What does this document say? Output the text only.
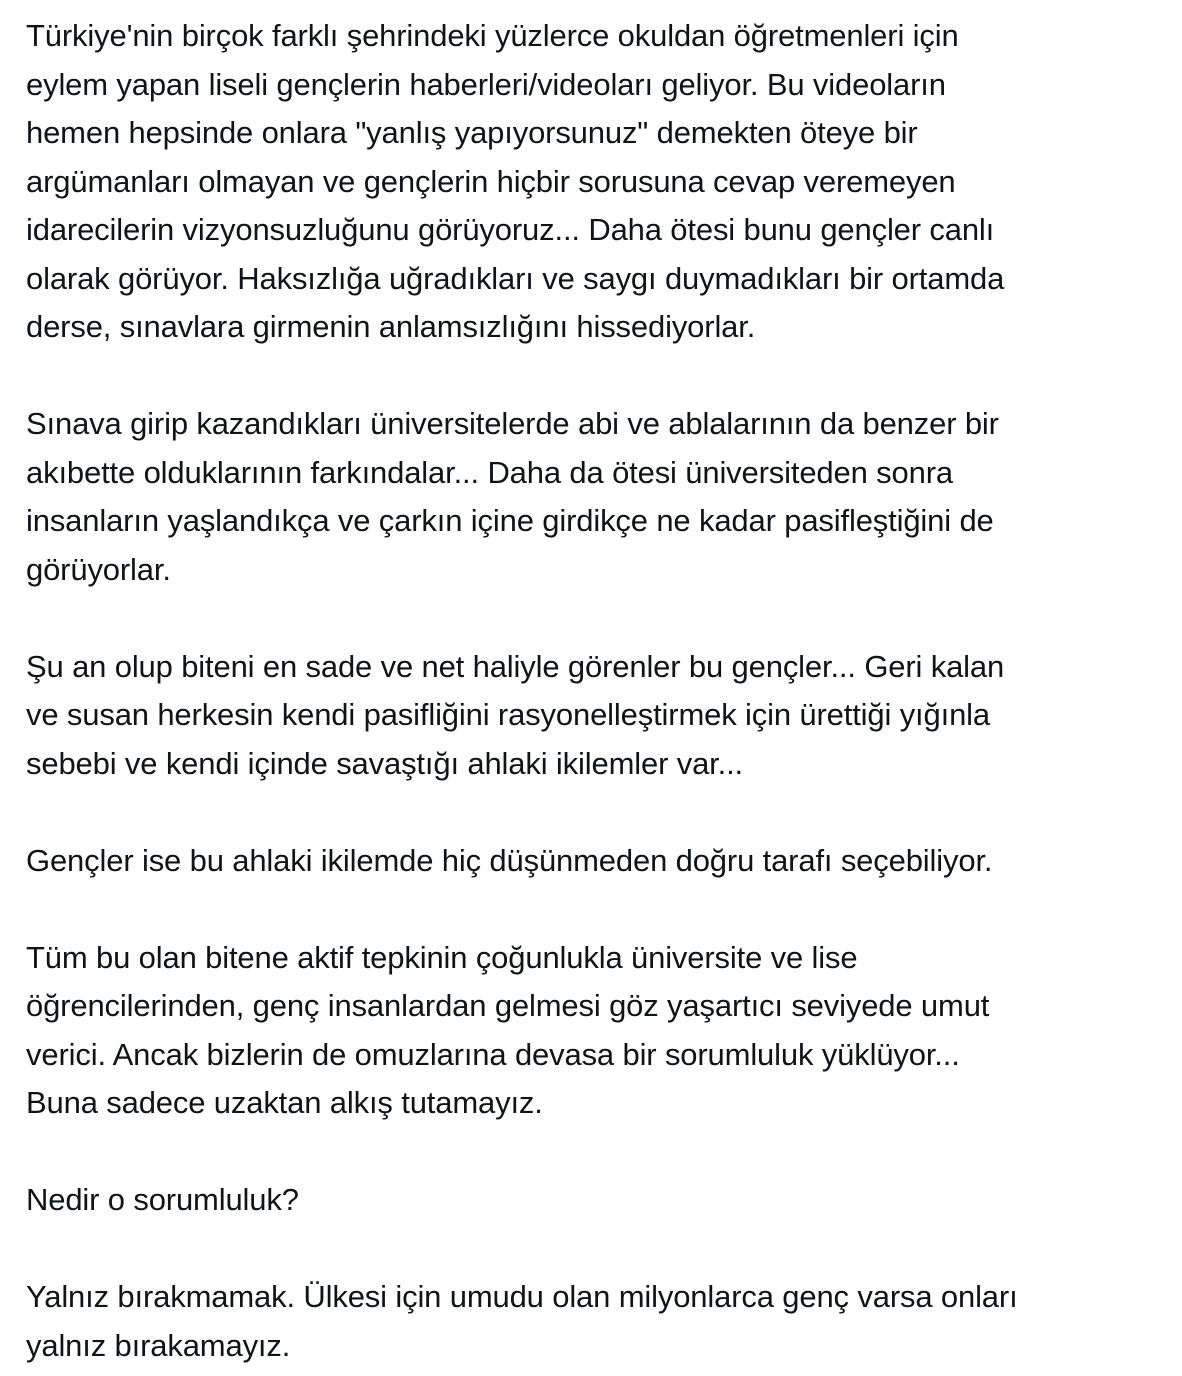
Türkiye'nin birçok farklı şehrindeki yüzlerce okuldan öğretmenleri için
eylem yapan liseli gençlerin haberleri/videoları geliyor. Bu videoların
hemen hepsinde onlara "yanlış yapıyorsunuz" demekten öteye bir
argümanları olmayan ve gençlerin hiçbir sorusuna cevap veremeyen
idarecilerin vizyonsuzluğunu görüyoruz... Daha ötesi bunu gençler canlı
olarak görüyor. Haksızlığa uğradıkları ve saygı duymadıkları bir ortamda
derse, sınavlara girmenin anlamsızlığını hissediyorlar.
Sınava girip kazandıkları üniversitelerde abi ve ablalarının da benzer bir
akıbette olduklarının farkındalar... Daha da ötesi üniversiteden sonra
insanların yaşlandıkça ve çarkın içine girdikçe ne kadar pasifleştiğini de
görüyorlar.
Şu an olup biteni en sade ve net haliyle görenler bu gençler... Geri kalan
ve susan herkesin kendi pasifliğini rasyonelleştirmek için ürettiği yığınla
sebebi ve kendi içinde savaştığı ahlaki ikilemler var...
Gençler ise bu ahlaki ikilemde hiç düşünmeden doğru tarafı seçebiliyor.
Tüm bu olan bitene aktif tepkinin çoğunlukla üniversite ve lise
öğrencilerinden, genç insanlardan gelmesi göz yaşartıcı seviyede umut
verici. Ancak bizlerin de omuzlarına devasa bir sorumluluk yüklüyor...
Buna sadece uzaktan alkış tutamayız.
Nedir o sorumluluk?
Yalnız bırakmamak. Ülkesi için umudu olan milyonlarca genç varsa onları
yalnız bırakamayız.
